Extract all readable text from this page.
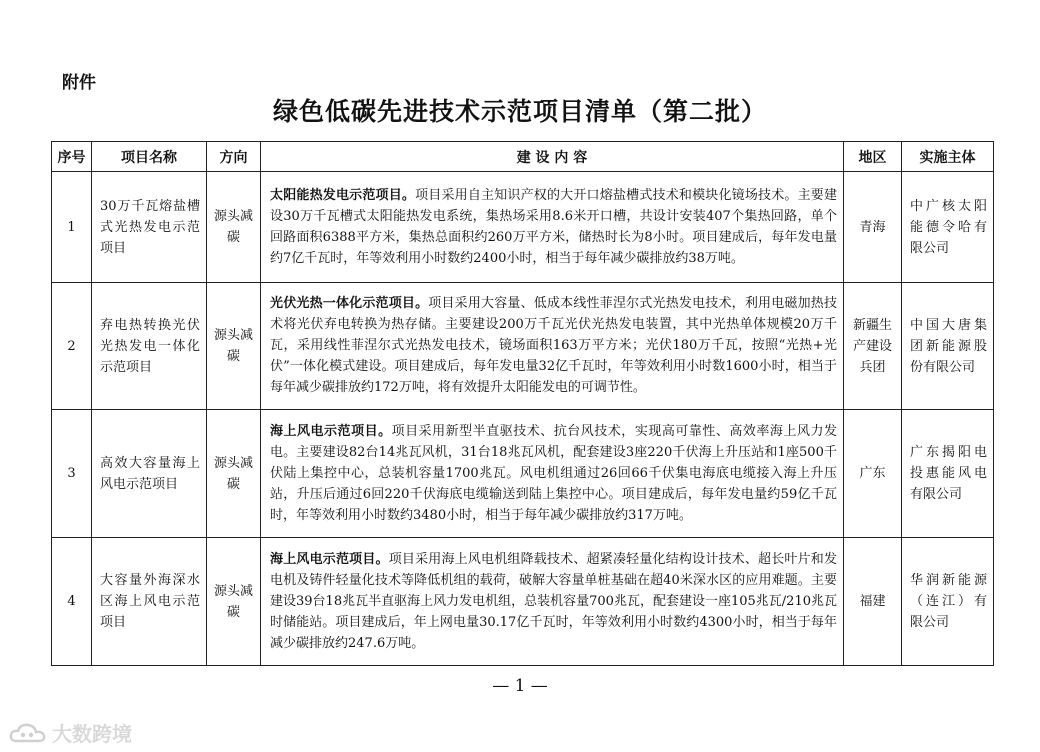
附件
绿色低碳先进技术示范项目清单（第二批）
序号	项目名称	方向	建 设 内 容	地区	实施主体
1	30万千瓦熔盐槽式光热发电示范项目	源头减碳	太阳能热发电示范项目。项目采用自主知识产权的大开口熔盐槽式技术和模块化镜场技术。主要建设30万千瓦槽式太阳能热发电系统，集热场采用8.6米开口槽，共设计安装407个集热回路，单个回路面积6388平方米，集热总面积约260万平方米，储热时长为8小时。项目建成后，每年发电量约7亿千瓦时，年等效利用小时数约2400小时，相当于每年减少碳排放约38万吨。	青海	中广核太阳能德令哈有限公司
2	弃电热转换光伏光热发电一体化示范项目	源头减碳	光伏光热一体化示范项目。项目采用大容量、低成本线性菲涅尔式光热发电技术，利用电磁加热技术将光伏弃电转换为热存储。主要建设200万千瓦光伏光热发电装置，其中光热单体规模20万千瓦，采用线性菲涅尔式光热发电技术，镜场面积163万平方米；光伏180万千瓦，按照“光热+光伏”一体化模式建设。项目建成后，每年发电量32亿千瓦时，年等效利用小时数1600小时，相当于每年减少碳排放约172万吨，将有效提升太阳能发电的可调节性。	新疆生产建设兵团	中国大唐集团新能源股份有限公司
3	高效大容量海上风电示范项目	源头减碳	海上风电示范项目。项目采用新型半直驱技术、抗台风技术，实现高可靠性、高效率海上风力发电。主要建设82台14兆瓦风机，31台18兆瓦风机，配套建设3座220千伏海上升压站和1座500千伏陆上集控中心，总装机容量1700兆瓦。风电机组通过26回66千伏集电海底电缆接入海上升压站，升压后通过6回220千伏海底电缆输送到陆上集控中心。项目建成后，每年发电量约59亿千瓦时，年等效利用小时数约3480小时，相当于每年减少碳排放约317万吨。	广东	广东揭阳电投惠能风电有限公司
4	大容量外海深水区海上风电示范项目	源头减碳	海上风电示范项目。项目采用海上风电机组降载技术、超紧凑轻量化结构设计技术、超长叶片和发电机及铸件轻量化技术等降低机组的载荷，破解大容量单桩基础在超40米深水区的应用难题。主要建设39台18兆瓦半直驱海上风力发电机组，总装机容量700兆瓦，配套建设一座105兆瓦/210兆瓦时储能站。项目建成后，年上网电量30.17亿千瓦时，年等效利用小时数约4300小时，相当于每年减少碳排放约247.6万吨。	福建	华润新能源（连江）有限公司
— 1 —
大数跨境
